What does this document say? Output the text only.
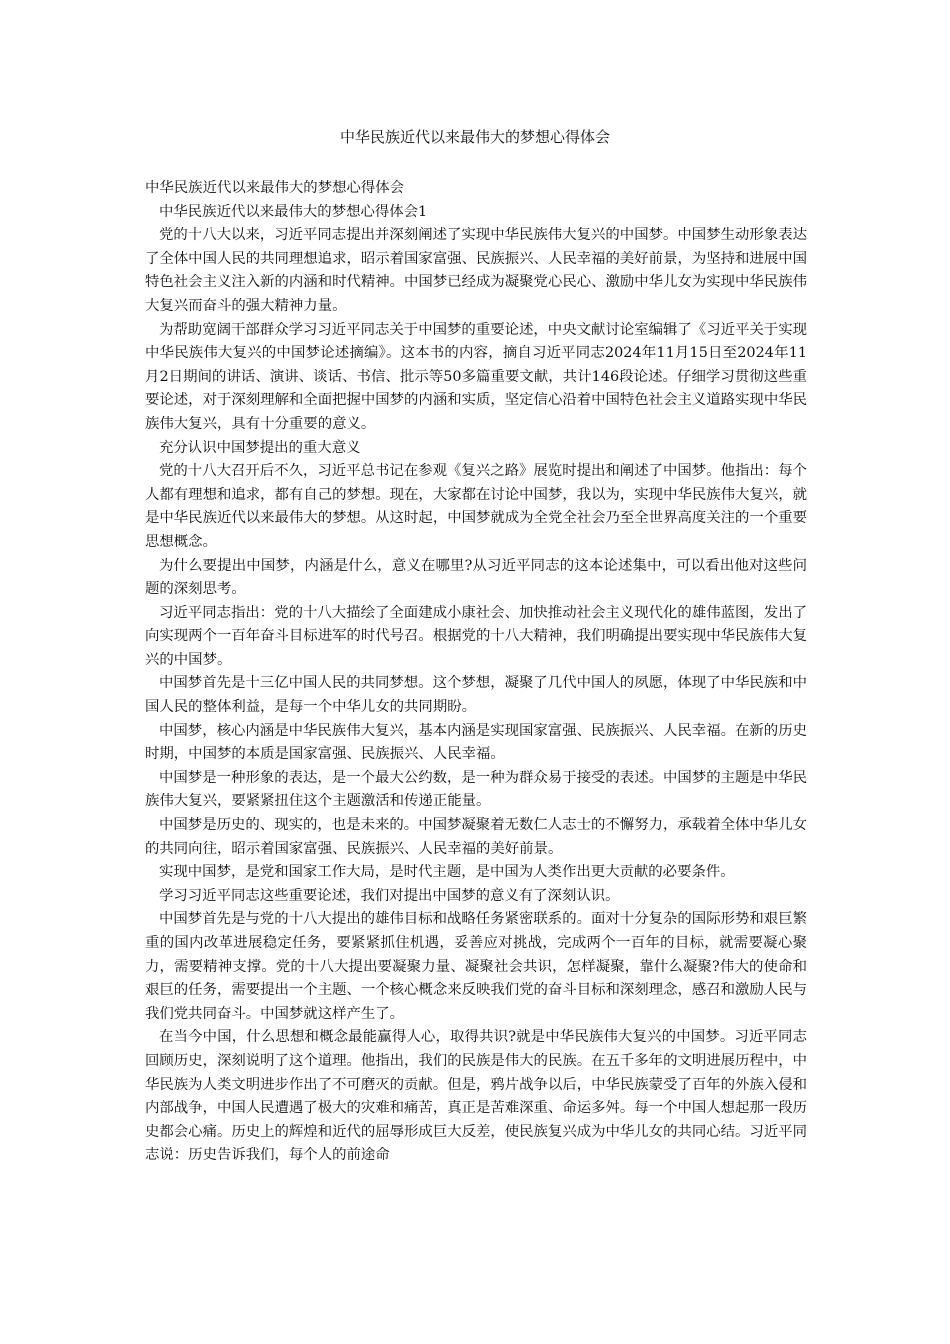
中华民族近代以来最伟大的梦想心得体会

中华民族近代以来最伟大的梦想心得体会

中华民族近代以来最伟大的梦想心得体会1

党的十八大以来，习近平同志提出并深刻阐述了实现中华民族伟大复兴的中国梦。中国梦生动形象表达了全体中国人民的共同理想追求，昭示着国家富强、民族振兴、人民幸福的美好前景，为坚持和进展中国特色社会主义注入新的内涵和时代精神。中国梦已经成为凝聚党心民心、激励中华儿女为实现中华民族伟大复兴而奋斗的强大精神力量。

为帮助宽阔干部群众学习习近平同志关于中国梦的重要论述，中央文献讨论室编辑了《习近平关于实现中华民族伟大复兴的中国梦论述摘编》。这本书的内容，摘自习近平同志2024年11月15日至2024年11月2日期间的讲话、演讲、谈话、书信、批示等50多篇重要文献，共计146段论述。仔细学习贯彻这些重要论述，对于深刻理解和全面把握中国梦的内涵和实质，坚定信心沿着中国特色社会主义道路实现中华民族伟大复兴，具有十分重要的意义。

充分认识中国梦提出的重大意义

党的十八大召开后不久，习近平总书记在参观《复兴之路》展览时提出和阐述了中国梦。他指出：每个人都有理想和追求，都有自己的梦想。现在，大家都在讨论中国梦，我以为，实现中华民族伟大复兴，就是中华民族近代以来最伟大的梦想。从这时起，中国梦就成为全党全社会乃至全世界高度关注的一个重要思想概念。

为什么要提出中国梦，内涵是什么，意义在哪里?从习近平同志的这本论述集中，可以看出他对这些问题的深刻思考。

习近平同志指出：党的十八大描绘了全面建成小康社会、加快推动社会主义现代化的雄伟蓝图，发出了向实现两个一百年奋斗目标进军的时代号召。根据党的十八大精神，我们明确提出要实现中华民族伟大复兴的中国梦。

中国梦首先是十三亿中国人民的共同梦想。这个梦想，凝聚了几代中国人的夙愿，体现了中华民族和中国人民的整体利益，是每一个中华儿女的共同期盼。

中国梦，核心内涵是中华民族伟大复兴，基本内涵是实现国家富强、民族振兴、人民幸福。在新的历史时期，中国梦的本质是国家富强、民族振兴、人民幸福。

中国梦是一种形象的表达，是一个最大公约数，是一种为群众易于接受的表述。中国梦的主题是中华民族伟大复兴，要紧紧扭住这个主题激活和传递正能量。

中国梦是历史的、现实的，也是未来的。中国梦凝聚着无数仁人志士的不懈努力，承载着全体中华儿女的共同向往，昭示着国家富强、民族振兴、人民幸福的美好前景。

实现中国梦，是党和国家工作大局，是时代主题，是中国为人类作出更大贡献的必要条件。

学习习近平同志这些重要论述，我们对提出中国梦的意义有了深刻认识。

中国梦首先是与党的十八大提出的雄伟目标和战略任务紧密联系的。面对十分复杂的国际形势和艰巨繁重的国内改革进展稳定任务，要紧紧抓住机遇，妥善应对挑战，完成两个一百年的目标，就需要凝心聚力，需要精神支撑。党的十八大提出要凝聚力量、凝聚社会共识，怎样凝聚，靠什么凝聚?伟大的使命和艰巨的任务，需要提出一个主题、一个核心概念来反映我们党的奋斗目标和深刻理念，感召和激励人民与我们党共同奋斗。中国梦就这样产生了。

在当今中国，什么思想和概念最能赢得人心，取得共识?就是中华民族伟大复兴的中国梦。习近平同志回顾历史，深刻说明了这个道理。他指出，我们的民族是伟大的民族。在五千多年的文明进展历程中，中华民族为人类文明进步作出了不可磨灭的贡献。但是，鸦片战争以后，中华民族蒙受了百年的外族入侵和内部战争，中国人民遭遇了极大的灾难和痛苦，真正是苦难深重、命运多舛。每一个中国人想起那一段历史都会心痛。历史上的辉煌和近代的屈辱形成巨大反差，使民族复兴成为中华儿女的共同心结。习近平同志说：历史告诉我们，每个人的前途命
